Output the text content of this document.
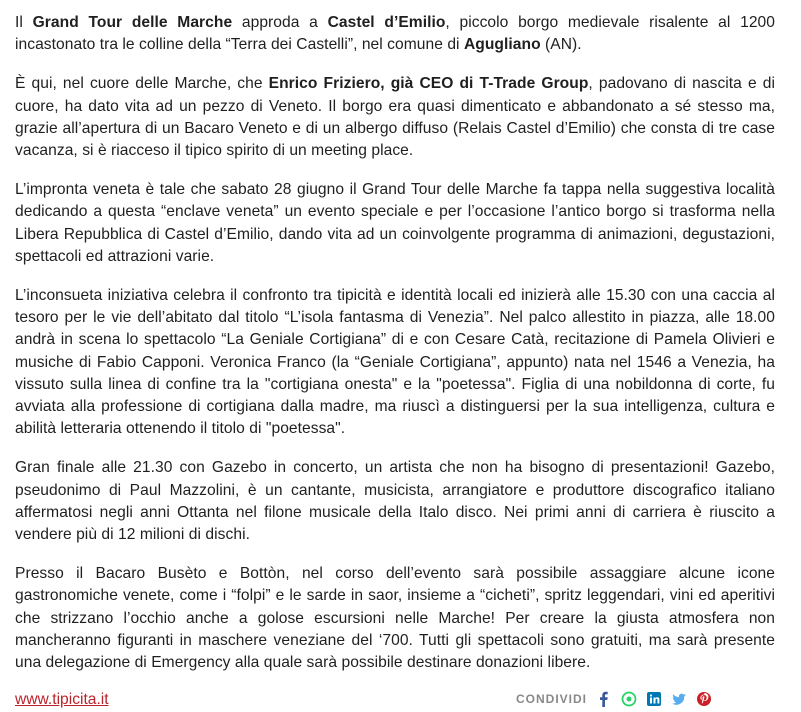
Il Grand Tour delle Marche approda a Castel d’Emilio, piccolo borgo medievale risalente al 1200 incastonato tra le colline della “Terra dei Castelli”, nel comune di Agugliano (AN).

È qui, nel cuore delle Marche, che Enrico Friziero, già CEO di T-Trade Group, padovano di nascita e di cuore, ha dato vita ad un pezzo di Veneto. Il borgo era quasi dimenticato e abbandonato a sé stesso ma, grazie all’apertura di un Bacaro Veneto e di un albergo diffuso (Relais Castel d’Emilio) che consta di tre case vacanza, si è riacceso il tipico spirito di un meeting place.

L’impronta veneta è tale che sabato 28 giugno il Grand Tour delle Marche fa tappa nella suggestiva località dedicando a questa “enclave veneta” un evento speciale e per l’occasione l’antico borgo si trasforma nella Libera Repubblica di Castel d’Emilio, dando vita ad un coinvolgente programma di animazioni, degustazioni, spettacoli ed attrazioni varie.

L’inconsueta iniziativa celebra il confronto tra tipicità e identità locali ed inizierà alle 15.30 con una caccia al tesoro per le vie dell’abitato dal titolo “L’isola fantasma di Venezia”. Nel palco allestito in piazza, alle 18.00 andrà in scena lo spettacolo “La Geniale Cortigiana” di e con Cesare Catà, recitazione di Pamela Olivieri e musiche di Fabio Capponi. Veronica Franco (la “Geniale Cortigiana”, appunto) nata nel 1546 a Venezia, ha vissuto sulla linea di confine tra la "cortigiana onesta" e la "poetessa". Figlia di una nobildonna di corte, fu avviata alla professione di cortigiana dalla madre, ma riuscì a distinguersi per la sua intelligenza, cultura e abilità letteraria ottenendo il titolo di "poetessa".

Gran finale alle 21.30 con Gazebo in concerto, un artista che non ha bisogno di presentazioni! Gazebo, pseudonimo di Paul Mazzolini, è un cantante, musicista, arrangiatore e produttore discografico italiano affermatosi negli anni Ottanta nel filone musicale della Italo disco. Nei primi anni di carriera è riuscito a vendere più di 12 milioni di dischi.

Presso il Bacaro Busèto e Bottòn, nel corso dell’evento sarà possibile assaggiare alcune icone gastronomiche venete, come i “folpi” e le sarde in saor, insieme a “cicheti”, spritz leggendari, vini ed aperitivi che strizzano l’occhio anche a golose escursioni nelle Marche! Per creare la giusta atmosfera non mancheranno figuranti in maschere veneziane del ‘700. Tutti gli spettacoli sono gratuiti, ma sarà presente una delegazione di Emergency alla quale sarà possibile destinare donazioni libere.

www.tipicita.it	CONDIVIDI
